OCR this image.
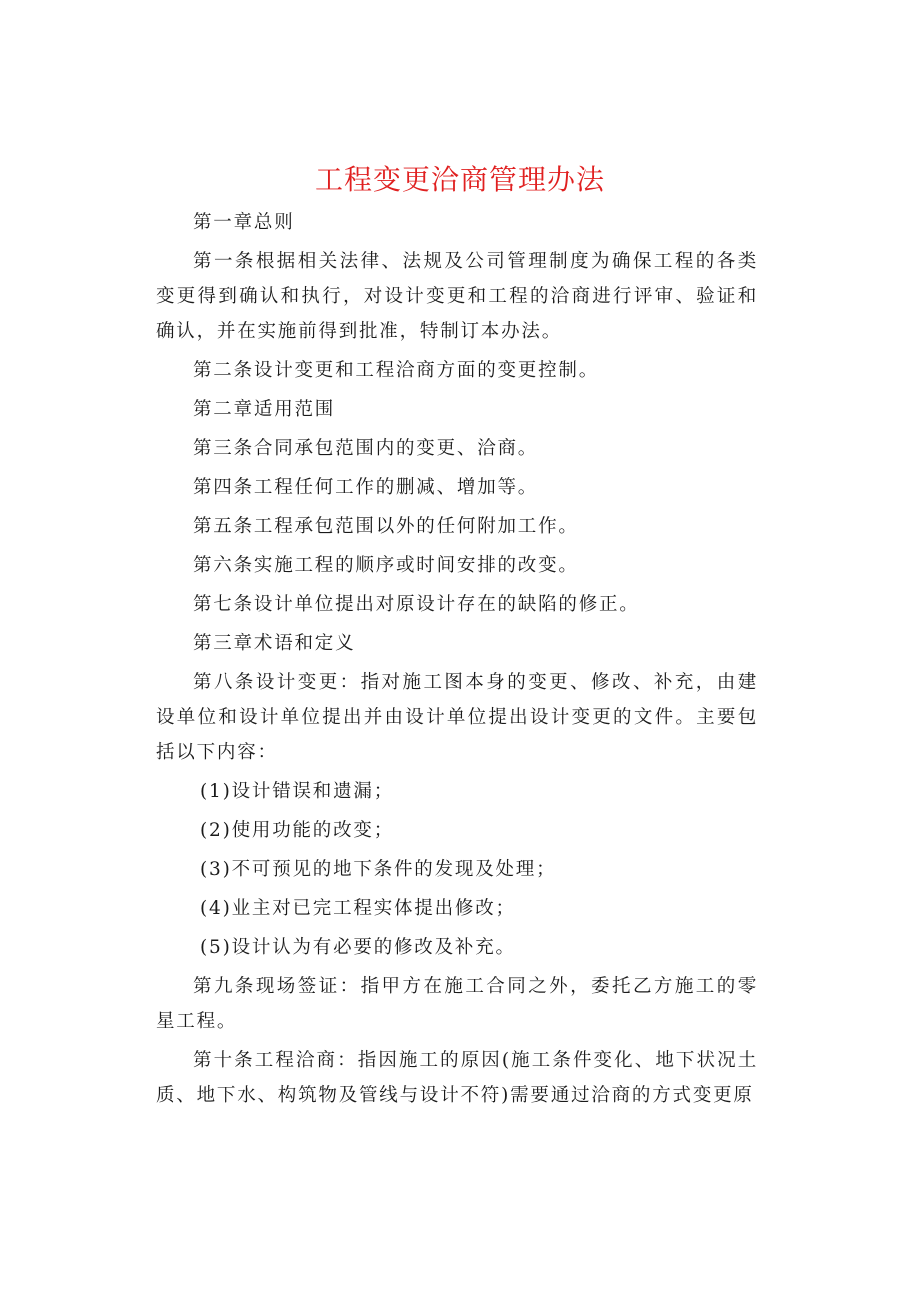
工程变更洽商管理办法

第一章总则

第一条根据相关法律、法规及公司管理制度为确保工程的各类变更得到确认和执行，对设计变更和工程的洽商进行评审、验证和确认，并在实施前得到批准，特制订本办法。

第二条设计变更和工程洽商方面的变更控制。

第二章适用范围

第三条合同承包范围内的变更、洽商。

第四条工程任何工作的删减、增加等。

第五条工程承包范围以外的任何附加工作。

第六条实施工程的顺序或时间安排的改变。

第七条设计单位提出对原设计存在的缺陷的修正。

第三章术语和定义

第八条设计变更：指对施工图本身的变更、修改、补充，由建设单位和设计单位提出并由设计单位提出设计变更的文件。主要包括以下内容：

(1)设计错误和遗漏；

(2)使用功能的改变；

(3)不可预见的地下条件的发现及处理；

(4)业主对已完工程实体提出修改；

(5)设计认为有必要的修改及补充。

第九条现场签证：指甲方在施工合同之外，委托乙方施工的零星工程。

第十条工程洽商：指因施工的原因(施工条件变化、地下状况土质、地下水、构筑物及管线与设计不符)需要通过洽商的方式变更原
